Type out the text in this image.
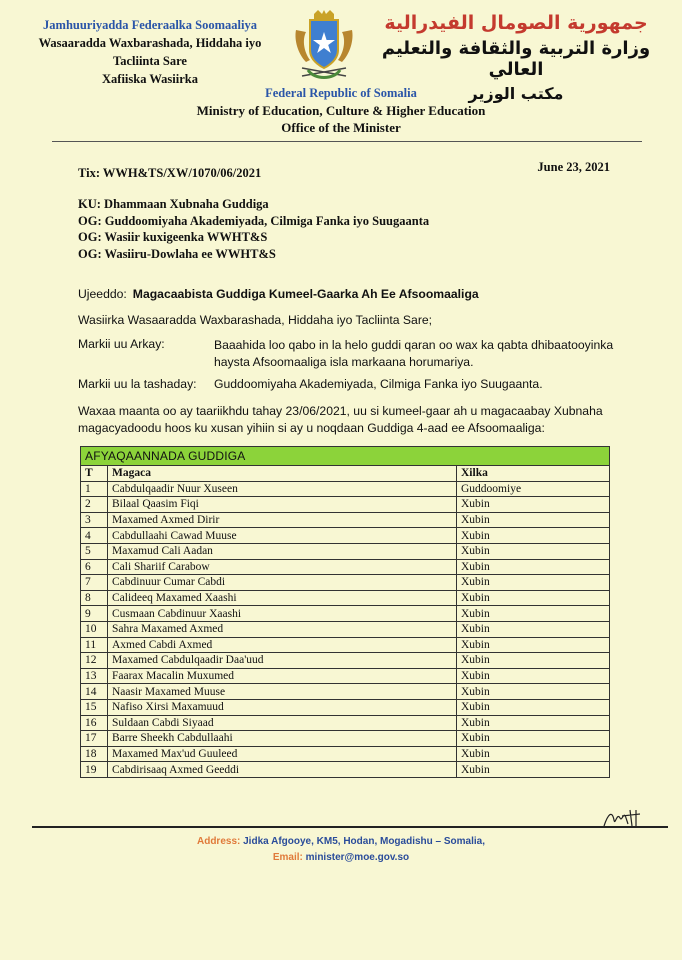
Jamhuuriyadda Federaalka Soomaaliya
Wasaaradda Waxbarashada, Hiddaha iyo
Tacliinta Sare
Xafiiska Wasiirka
جمهورية الصومال الفيدرالية
وزارة التربية والثقافة والتعليم العالي
مكتب الوزير
Federal Republic of Somalia
Ministry of Education, Culture & Higher Education
Office of the Minister
Tix: WWH&TS/XW/1070/06/2021	June 23, 2021
KU: Dhammaan Xubnaha Guddiga
OG: Guddoomiyaha Akademiyada, Cilmiga Fanka iyo Suugaanta
OG: Wasiir kuxigeenka WWHT&S
OG: Wasiiru-Dowlaha ee WWHT&S
Ujeeddo: Magacaabista Guddiga Kumeel-Gaarka Ah Ee Afsoomaaliga
Wasiirka Wasaaradda Waxbarashada, Hiddaha iyo Tacliinta Sare;
Markii uu Arkay:	Baaahida loo qabo in la helo guddi qaran oo wax ka qabta dhibaatooyinka haysta Afsoomaaliga isla markaana horumariya.
Markii uu la tashaday: Guddoomiyaha Akademiyada, Cilmiga Fanka iyo Suugaanta.
Waxaa maanta oo ay taariikhdu tahay 23/06/2021, uu si kumeel-gaar ah u magacaabay Xubnaha magacyadoodu hoos ku xusan yihiin si ay u noqdaan Guddiga 4-aad ee Afsoomaaliga:
AFYAQAANNADA GUDDIGA		
T	Magaca	Xilka
1	Cabdulqaadir Nuur Xuseen	Guddoomiye
2	Bilaal Qaasim Fiqi	Xubin
3	Maxamed Axmed Dirir	Xubin
4	Cabdullaahi Cawad Muuse	Xubin
5	Maxamud Cali Aadan	Xubin
6	Cali Shariif Carabow	Xubin
7	Cabdinuur Cumar Cabdi	Xubin
8	Calideeq Maxamed Xaashi	Xubin
9	Cusmaan Cabdinuur Xaashi	Xubin
10	Sahra Maxamed Axmed	Xubin
11	Axmed Cabdi Axmed	Xubin
12	Maxamed Cabdulqaadir Daa'uud	Xubin
13	Faarax Macalin Muxumed	Xubin
14	Naasir Maxamed Muuse	Xubin
15	Nafiso Xirsi Maxamuud	Xubin
16	Suldaan Cabdi Siyaad	Xubin
17	Barre Sheekh Cabdullaahi	Xubin
18	Maxamed Max'ud Guuleed	Xubin
19	Cabdirisaaq Axmed Geeddi	Xubin
Address: Jidka Afgooye, KM5, Hodan, Mogadishu – Somalia,
Email: minister@moe.gov.so
